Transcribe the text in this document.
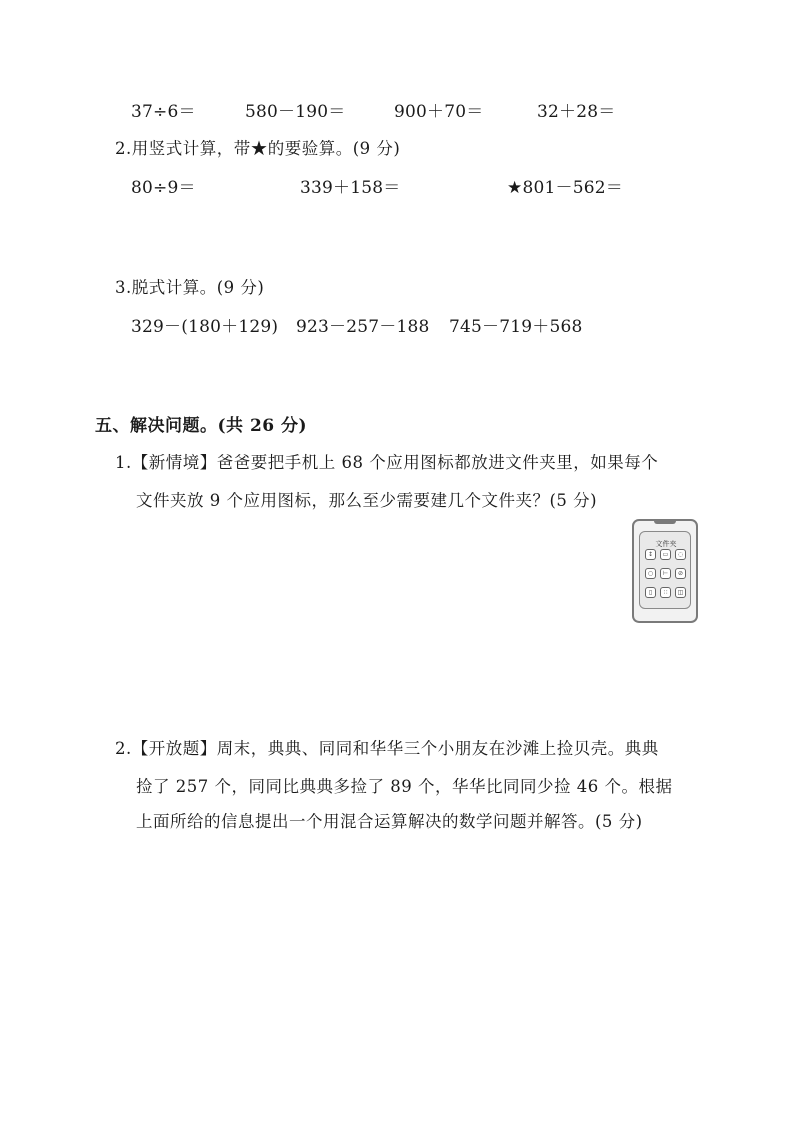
37÷6＝	580－190＝	900＋70＝	32＋28＝
2.用竖式计算，带★的要验算。(9 分)
80÷9＝	339＋158＝	★801－562＝
3.脱式计算。(9 分)
329－(180＋129) 923－257－188 745－719＋568
五、解决问题。(共 26 分)
1.【新情境】爸爸要把手机上 68 个应用图标都放进文件夹里，如果每个
文件夹放 9 个应用图标，那么至少需要建几个文件夹？(5 分)
文件夹
↕	▭	◌
○	⊢	⊘
▯	∷	◫
2.【开放题】周末，典典、同同和华华三个小朋友在沙滩上捡贝壳。典典
捡了 257 个，同同比典典多捡了 89 个，华华比同同少捡 46 个。根据
上面所给的信息提出一个用混合运算解决的数学问题并解答。(5 分)
